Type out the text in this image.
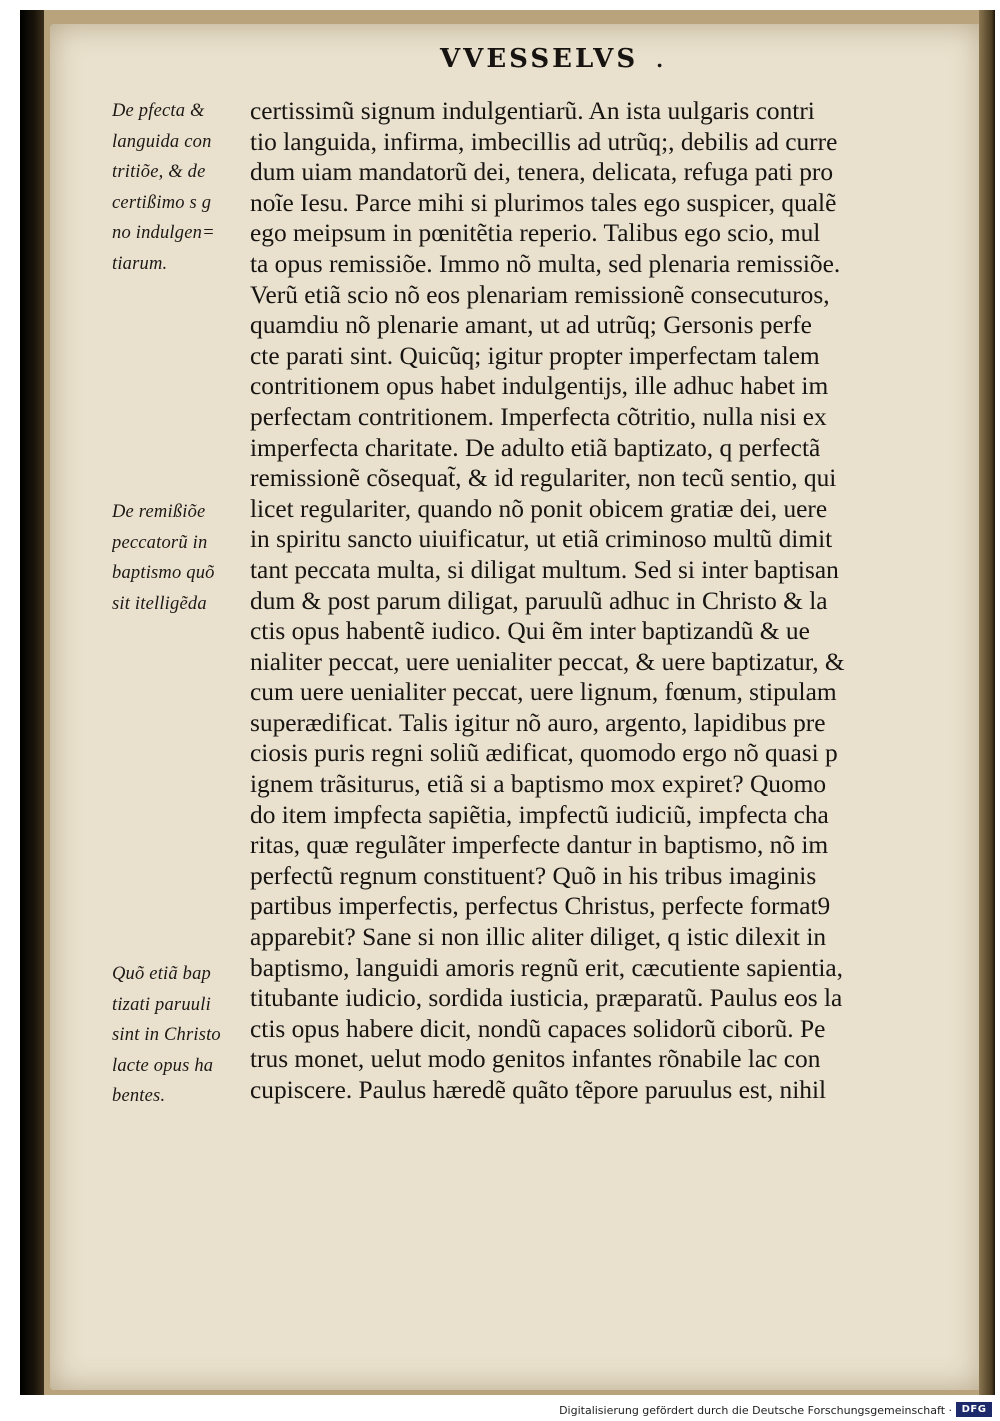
VVESSELVS .
De pfecta &
languida con
tritiõe, & de
certißimo s g
no indulgen=
tiarum.
De remißiõe
peccatorũ in
baptismo quõ
sit itelligẽda
Quõ etiã bap
tizati paruuli
sint in Christo
lacte opus ha
bentes.
certissimũ signum indulgentiarũ. An ista uulgaris contri
tio languida, infirma, imbecillis ad utrũq;, debilis ad curre
dum uiam mandatorũ dei, tenera, delicata, refuga pati pro
noĩe Iesu. Parce mihi si plurimos tales ego suspicer, qualẽ
ego meipsum in pœnitẽtia reperio. Talibus ego scio, mul
ta opus remissiõe. Immo nõ multa, sed plenaria remissiõe.
Verũ etiã scio nõ eos plenariam remissionẽ consecuturos,
quamdiu nõ plenarie amant, ut ad utrũq; Gersonis perfe
cte parati sint. Quicũq; igitur propter imperfectam talem
contritionem opus habet indulgentijs, ille adhuc habet im
perfectam contritionem. Imperfecta cõtritio, nulla nisi ex
imperfecta charitate. De adulto etiã baptizato, q perfectã
remissionẽ cõsequat̃, & id regulariter, non tecũ sentio, qui
licet regulariter, quando nõ ponit obicem gratiæ dei, uere
in spiritu sancto uiuificatur, ut etiã criminoso multũ dimit
tant peccata multa, si diligat multum. Sed si inter baptisan
dum & post parum diligat, paruulũ adhuc in Christo & la
ctis opus habentẽ iudico. Qui ẽm inter baptizandũ & ue
nialiter peccat, uere uenialiter peccat, & uere baptizatur, &
cum uere uenialiter peccat, uere lignum, fœnum, stipulam
superædificat. Talis igitur nõ auro, argento, lapidibus pre
ciosis puris regni soliũ ædificat, quomodo ergo nõ quasi p
ignem trãsiturus, etiã si a baptismo mox expiret? Quomo
do item impfecta sapiẽtia, impfectũ iudiciũ, impfecta cha
ritas, quæ regulãter imperfecte dantur in baptismo, nõ im
perfectũ regnum constituent? Quõ in his tribus imaginis
partibus imperfectis, perfectus Christus, perfecte format9
apparebit? Sane si non illic aliter diliget, q istic dilexit in
baptismo, languidi amoris regnũ erit, cæcutiente sapientia,
titubante iudicio, sordida iusticia, præparatũ. Paulus eos la
ctis opus habere dicit, nondũ capaces solidorũ ciborũ. Pe
trus monet, uelut modo genitos infantes rõnabile lac con
cupiscere. Paulus hæredẽ quãto tẽpore paruulus est, nihil
Digitalisierung gefördert durch die Deutsche Forschungsgemeinschaft · DFG
